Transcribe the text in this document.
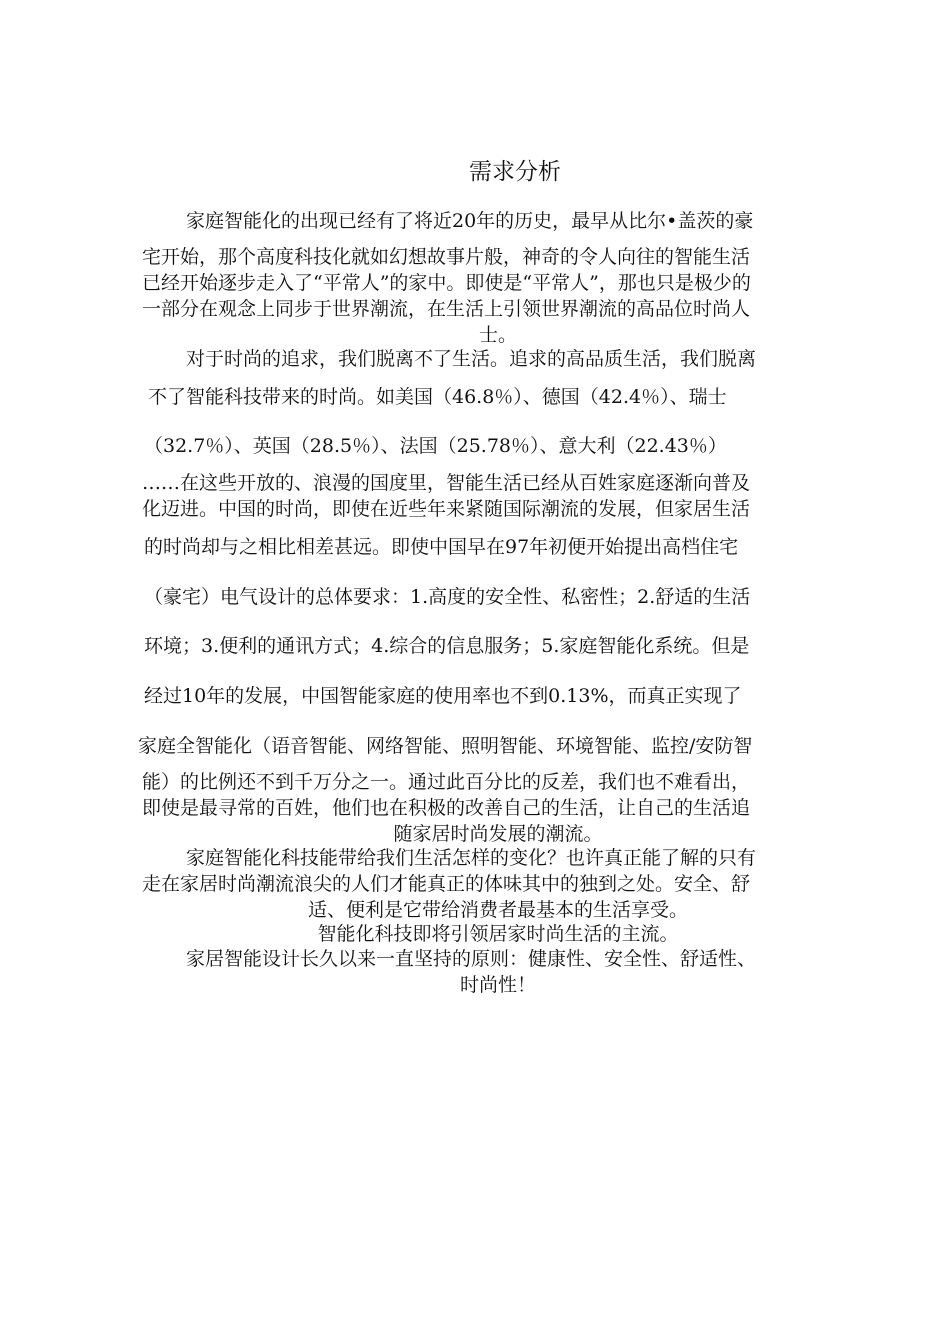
需求分析
家庭智能化的出现已经有了将近20年的历史，最早从比尔•盖茨的豪
宅开始，那个高度科技化就如幻想故事片般，神奇的令人向往的智能生活
已经开始逐步走入了“平常人”的家中。即使是“平常人”，那也只是极少的
一部分在观念上同步于世界潮流，在生活上引领世界潮流的高品位时尚人
士。
对于时尚的追求，我们脱离不了生活。追求的高品质生活，我们脱离
不了智能科技带来的时尚。如美国（46.8％）、德国（42.4％）、瑞士
（32.7％）、英国（28.5％）、法国（25.78％）、意大利（22.43％）
……在这些开放的、浪漫的国度里，智能生活已经从百姓家庭逐渐向普及
化迈进。中国的时尚，即使在近些年来紧随国际潮流的发展，但家居生活
的时尚却与之相比相差甚远。即使中国早在97年初便开始提出高档住宅
（豪宅）电气设计的总体要求：1.高度的安全性、私密性；2.舒适的生活
环境；3.便利的通讯方式；4.综合的信息服务；5.家庭智能化系统。但是
经过10年的发展，中国智能家庭的使用率也不到0.13%，而真正实现了
家庭全智能化（语音智能、网络智能、照明智能、环境智能、监控/安防智
能）的比例还不到千万分之一。通过此百分比的反差，我们也不难看出，
即使是最寻常的百姓，他们也在积极的改善自己的生活，让自己的生活追
随家居时尚发展的潮流。
家庭智能化科技能带给我们生活怎样的变化？也许真正能了解的只有
走在家居时尚潮流浪尖的人们才能真正的体味其中的独到之处。安全、舒
适、便利是它带给消费者最基本的生活享受。
智能化科技即将引领居家时尚生活的主流。
家居智能设计长久以来一直坚持的原则：健康性、安全性、舒适性、
时尚性！
